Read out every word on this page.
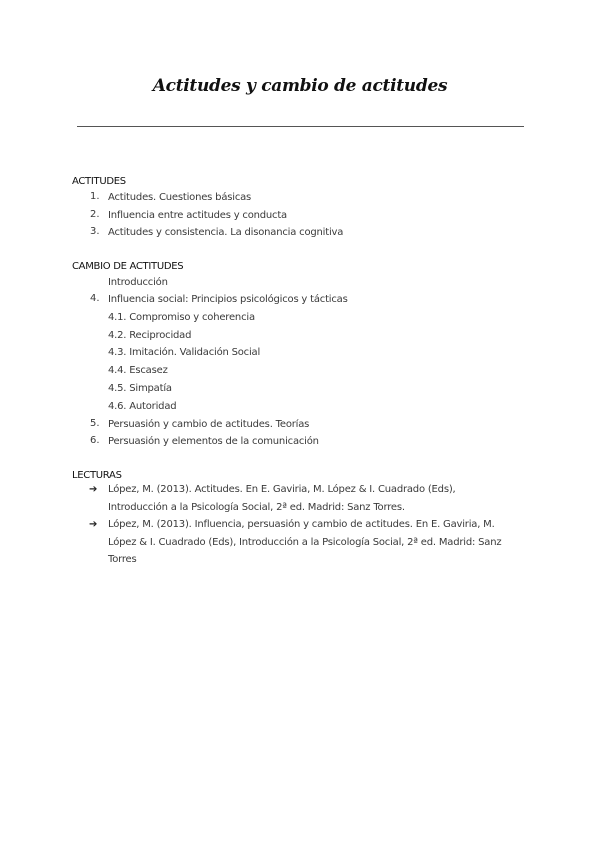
Actitudes y cambio de actitudes
ACTITUDES
1. Actitudes. Cuestiones básicas
2. Influencia entre actitudes y conducta
3. Actitudes y consistencia. La disonancia cognitiva
CAMBIO DE ACTITUDES
Introducción
4. Influencia social: Principios psicológicos y tácticas
4.1. Compromiso y coherencia
4.2. Reciprocidad
4.3. Imitación. Validación Social
4.4. Escasez
4.5. Simpatía
4.6. Autoridad
5. Persuasión y cambio de actitudes. Teorías
6. Persuasión y elementos de la comunicación
LECTURAS
➔ López, M. (2013). Actitudes. En E. Gaviria, M. López & I. Cuadrado (Eds), Introducción a la Psicología Social, 2ª ed. Madrid: Sanz Torres.
➔ López, M. (2013). Influencia, persuasión y cambio de actitudes. En E. Gaviria, M. López & I. Cuadrado (Eds), Introducción a la Psicología Social, 2ª ed. Madrid: Sanz Torres
